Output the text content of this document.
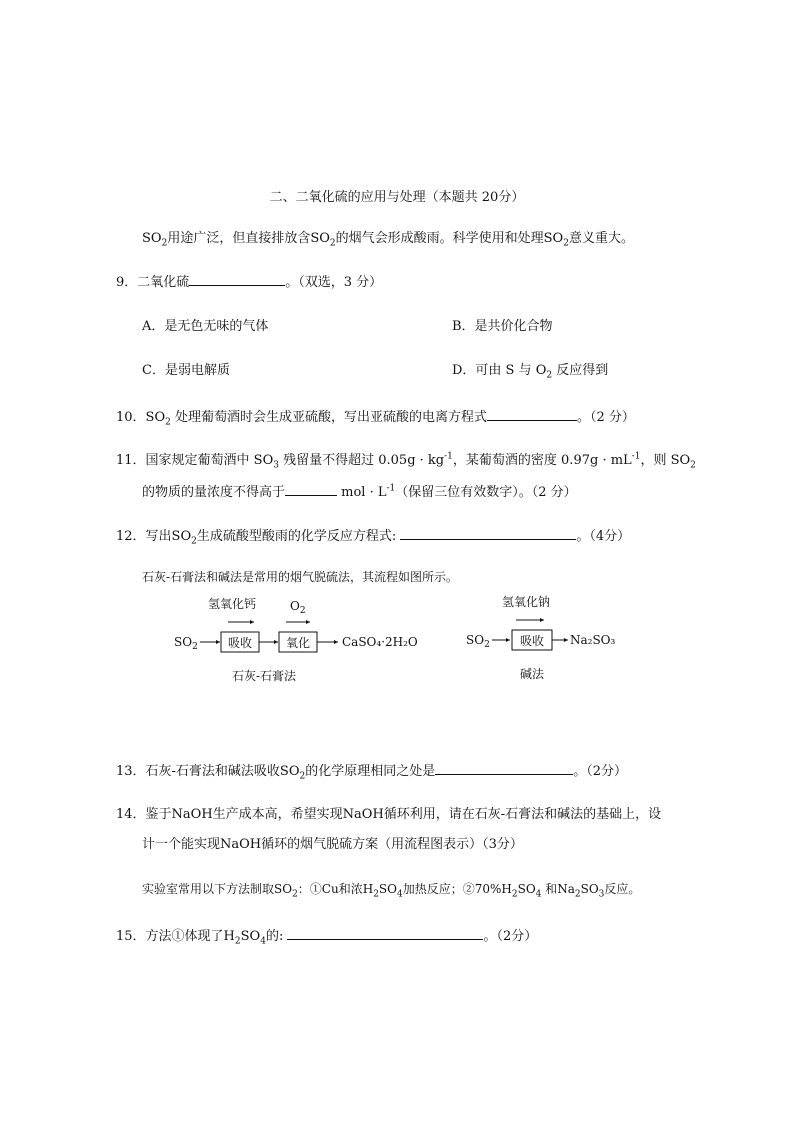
二、二氧化硫的应用与处理（本题共 20分）
$SO_2$用途广泛，但直接排放含$SO_2$的烟气会形成酸雨。科学使用和处理$SO_2$意义重大。
9．二氧化硫	。（双选，3 分）
A．是无色无味的气体	B．是共价化合物
C．是弱电解质	D．可由 S 与 $O_2$ 反应得到
10．$SO_2$ 处理葡萄酒时会生成亚硫酸，写出亚硫酸的电离方程式	。（2 分）
11．国家规定葡萄酒中 $SO_3$ 残留量不得超过 $0.05g \cdot kg^{-1}$，某葡萄酒的密度 $0.97g \cdot mL^{-1}$，则 $SO_2$
的物质的量浓度不得高于	mol · $L^{-1}$（保留三位有效数字）。（2 分）
12．写出$SO_2$生成硫酸型酸雨的化学反应方程式:	。（4分）
石灰-石膏法和碱法是常用的烟气脱硫法，其流程如图所示。
氢氧化钙	$O_2$
$SO_2$	吸收	氧化	CaSO₄·2H₂O
石灰-石膏法
氢氧化钠
$SO_2$	吸收 Na₂SO₃
碱法
13．石灰-石膏法和碱法吸收$SO_2$的化学原理相同之处是	。（2分）
14．鉴于NaOH生产成本高，希望实现NaOH循环利用，请在石灰-石膏法和碱法的基础上，设
计一个能实现NaOH循环的烟气脱硫方案（用流程图表示）（3分）
实验室常用以下方法制取$SO_2$：①Cu和浓$H_2SO_4$加热反应；$②70\%H_2SO_4$ 和$Na_2SO_3$反应。
15．方法①体现了$H_2SO_4$的:	。（2分）
